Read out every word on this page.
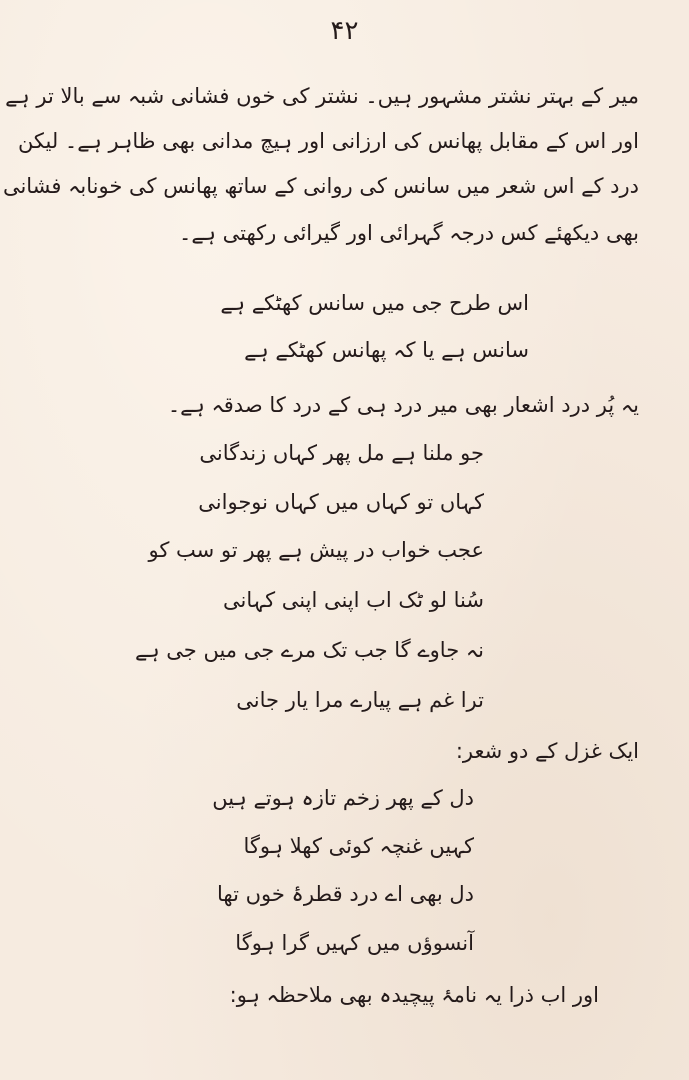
۴۲
میر کے بہتر نشتر مشہور ہیں۔ نشتر کی خوں فشانی شبہ سے بالا تر ہے
اور اس کے مقابل پھانس کی ارزانی اور ہیچ مدانی بھی ظاہر ہے۔ لیکن
درد کے اس شعر میں سانس کی روانی کے ساتھ پھانس کی خونابہ فشانی
بھی دیکھئے کس درجہ گہرائی اور گیرائی رکھتی ہے۔
اس طرح جی میں سانس کھٹکے ہے
سانس ہے یا کہ پھانس کھٹکے ہے
یہ پُر درد اشعار بھی میر درد ہی کے درد کا صدقہ ہے۔
جو ملنا ہے مل پھر کہاں زندگانی
کہاں تو کہاں میں کہاں نوجوانی
عجب خواب در پیش ہے پھر تو سب کو
سُنا لو ٹک اب اپنی اپنی کہانی
نہ جاوے گا جب تک مرے جی میں جی ہے
ترا غم ہے پیارے مرا یار جانی
ایک غزل کے دو شعر:
دل کے پھر زخم تازہ ہوتے ہیں
کہیں غنچہ کوئی کھلا ہوگا
دل بھی اے درد قطرۂ خوں تھا
آنسوؤں میں کہیں گرا ہوگا
اور اب ذرا یہ نامۂ پیچیدہ بھی ملاحظہ ہو:
